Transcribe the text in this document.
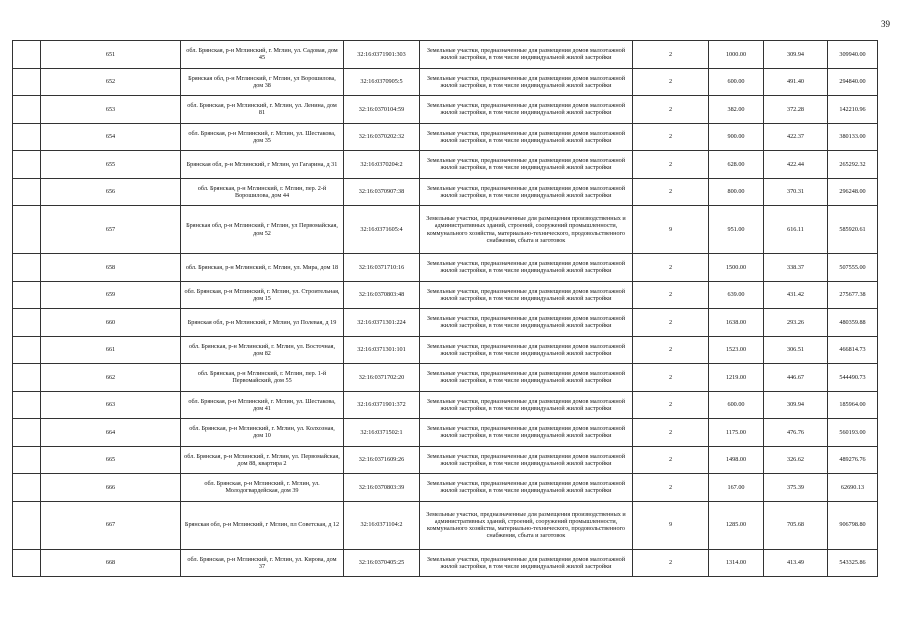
39
	651	обл. Брянская, р-н Мглинский, г. Мглин, ул. Садовая, дом 45	32:16:0371901:303	Земельные участки, предназначенные для размещения домов малоэтажной жилой застройки, в том числе индивидуальной жилой застройки	2	1000.00	309.94	309940.00
	652	Брянская обл, р-н Мглинский, г Мглин, ул Ворошилова, дом 38	32:16:0370905:5	Земельные участки, предназначенные для размещения домов малоэтажной жилой застройки, в том числе индивидуальной жилой застройки	2	600.00	491.40	294840.00
	653	обл. Брянская, р-н Мглинский, г. Мглин, ул. Ленина, дом 81	32:16:0370104:59	Земельные участки, предназначенные для размещения домов малоэтажной жилой застройки, в том числе индивидуальной жилой застройки	2	382.00	372.28	142210.96
	654	обл. Брянская, р-н Мглинский, г. Мглин, ул. Шестакова, дом 35	32:16:0370202:32	Земельные участки, предназначенные для размещения домов малоэтажной жилой застройки, в том числе индивидуальной жилой застройки	2	900.00	422.37	380133.00
	655	Брянская обл, р-н Мглинский, г Мглин, ул Гагарина, д 31	32:16:0370204:2	Земельные участки, предназначенные для размещения домов малоэтажной жилой застройки, в том числе индивидуальной жилой застройки	2	628.00	422.44	265292.32
	656	обл. Брянская, р-н Мглинский, г. Мглин, пер. 2-й Ворошилова, дом 44	32:16:0370907:38	Земельные участки, предназначенные для размещения домов малоэтажной жилой застройки, в том числе индивидуальной жилой застройки	2	800.00	370.31	296248.00
	657	Брянская обл, р-н Мглинский, г Мглин, ул Первомайская, дом 52	32:16:0371605:4	Земельные участки, предназначенные для размещения производственных и административных зданий, строений, сооружений промышленности, коммунального хозяйства, материально-технического, продовольственного снабжения, сбыта и заготовок	9	951.00	616.11	585920.61
	658	обл. Брянская, р-н Мглинский, г. Мглин, ул. Мира, дом 18	32:16:0371710:16	Земельные участки, предназначенные для размещения домов малоэтажной жилой застройки, в том числе индивидуальной жилой застройки	2	1500.00	338.37	507555.00
	659	обл. Брянская, р-н Мглинский, г. Мглин, ул. Строительная, дом 15	32:16:0370803:48	Земельные участки, предназначенные для размещения домов малоэтажной жилой застройки, в том числе индивидуальной жилой застройки	2	639.00	431.42	275677.38
	660	Брянская обл, р-н Мглинский, г Мглин, ул Полевая, д 19	32:16:0371301:224	Земельные участки, предназначенные для размещения домов малоэтажной жилой застройки, в том числе индивидуальной жилой застройки	2	1638.00	293.26	480359.88
	661	обл. Брянская, р-н Мглинский, г. Мглин, ул. Восточная, дом 82	32:16:0371301:101	Земельные участки, предназначенные для размещения домов малоэтажной жилой застройки, в том числе индивидуальной жилой застройки	2	1523.00	306.51	466814.73
	662	обл. Брянская, р-н Мглинский, г. Мглин, пер. 1-й Первомайский, дом 55	32:16:0371702:20	Земельные участки, предназначенные для размещения домов малоэтажной жилой застройки, в том числе индивидуальной жилой застройки	2	1219.00	446.67	544490.73
	663	обл. Брянская, р-н Мглинский, г. Мглин, ул. Шестакова, дом 41	32:16:0371901:372	Земельные участки, предназначенные для размещения домов малоэтажной жилой застройки, в том числе индивидуальной жилой застройки	2	600.00	309.94	185964.00
	664	обл. Брянская, р-н Мглинский, г. Мглин, ул. Колхозная, дом 10	32:16:0371502:1	Земельные участки, предназначенные для размещения домов малоэтажной жилой застройки, в том числе индивидуальной жилой застройки	2	1175.00	476.76	560193.00
	665	обл. Брянская, р-н Мглинский, г. Мглин, ул. Первомайская, дом 88, квартира 2	32:16:0371609:26	Земельные участки, предназначенные для размещения домов малоэтажной жилой застройки, в том числе индивидуальной жилой застройки	2	1498.00	326.62	489276.76
	666	обл. Брянская, р-н Мглинский, г. Мглин, ул. Молодогвардейская, дом 39	32:16:0370803:39	Земельные участки, предназначенные для размещения домов малоэтажной жилой застройки, в том числе индивидуальной жилой застройки	2	167.00	375.39	62690.13
	667	Брянская обл, р-н Мглинский, г Мглин, пл Советская, д 12	32:16:0371104:2	Земельные участки, предназначенные для размещения производственных и административных зданий, строений, сооружений промышленности, коммунального хозяйства, материально-технического, продовольственного снабжения, сбыта и заготовок	9	1285.00	705.68	906798.80
	668	обл. Брянская, р-н Мглинский, г. Мглин, ул. Кирова, дом 37	32:16:0370405:25	Земельные участки, предназначенные для размещения домов малоэтажной жилой застройки, в том числе индивидуальной жилой застройки	2	1314.00	413.49	543325.86
